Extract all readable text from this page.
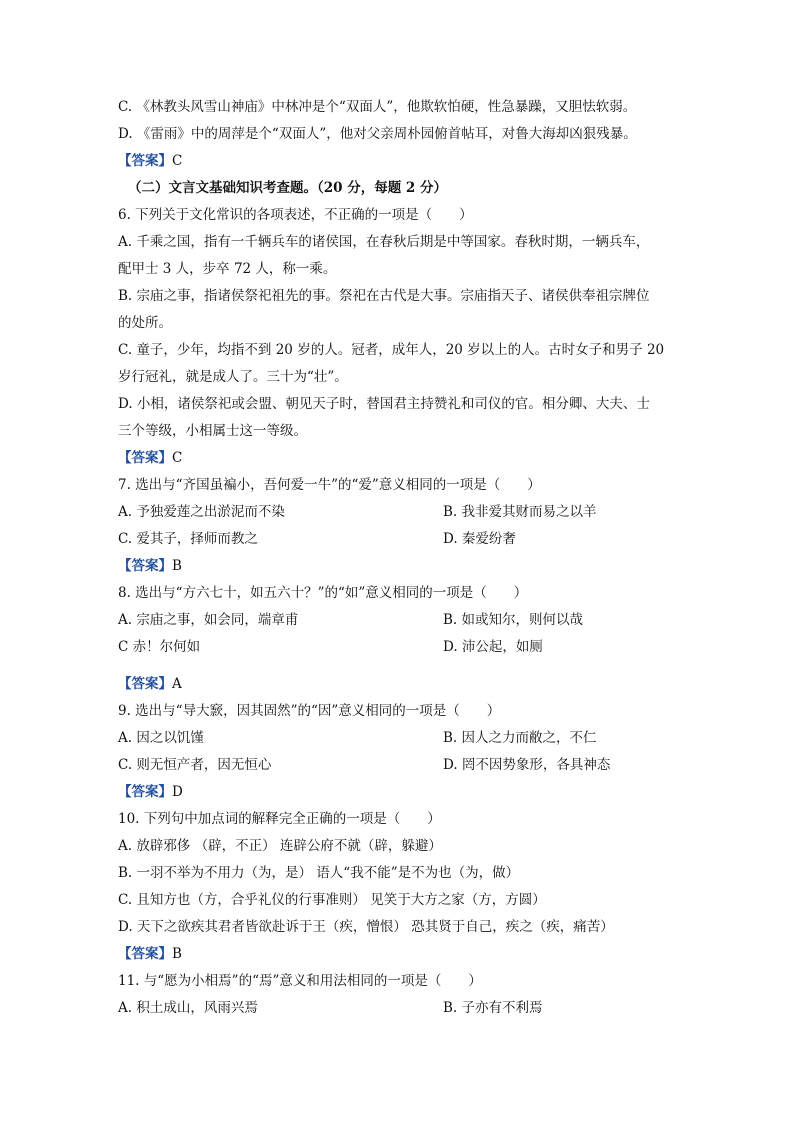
C. 《林教头风雪山神庙》中林冲是个“双面人”，他欺软怕硬，性急暴躁，又胆怯软弱。
D. 《雷雨》中的周萍是个“双面人”，他对父亲周朴园俯首帖耳，对鲁大海却凶狠残暴。
【答案】C
（二）文言文基础知识考查题。（20 分，每题 2 分）
6. 下列关于文化常识的各项表述，不正确的一项是（　　）
A. 千乘之国，指有一千辆兵车的诸侯国，在春秋后期是中等国家。春秋时期，一辆兵车，
配甲士 3 人，步卒 72 人，称一乘。
B. 宗庙之事，指诸侯祭祀祖先的事。祭祀在古代是大事。宗庙指天子、诸侯供奉祖宗牌位
的处所。
C. 童子，少年，均指不到 20 岁的人。冠者，成年人，20 岁以上的人。古时女子和男子 20
岁行冠礼，就是成人了。三十为“壮”。
D. 小相，诸侯祭祀或会盟、朝见天子时，替国君主持赞礼和司仪的官。相分卿、大夫、士
三个等级，小相属士这一等级。
【答案】C
7. 选出与“齐国虽褊小，吾何爱一牛”的“爱”意义相同的一项是（　　）
A. 予独爱莲之出淤泥而不染	B. 我非爱其财而易之以羊
C. 爱其子，择师而教之	D. 秦爱纷奢
【答案】B
8. 选出与“方六七十，如五六十？”的“如”意义相同的一项是（　　）
A. 宗庙之事，如会同，端章甫	B. 如或知尔，则何以哉
C 赤！尔何如	D. 沛公起，如厕
【答案】A
9. 选出与“导大窾，因其固然”的“因”意义相同的一项是（　　）
A. 因之以饥馑	B. 因人之力而敝之，不仁
C. 则无恒产者，因无恒心	D. 罔不因势象形，各具神态
【答案】D
10. 下列句中加点词的解释完全正确的一项是（　　）
A. 放辟邪侈 （辟，不正） 连辟公府不就（辟，躲避）
B. 一羽不举为不用力（为，是） 语人“我不能”是不为也（为，做）
C. 且知方也（方，合乎礼仪的行事准则） 见笑于大方之家（方，方圆）
D. 天下之欲疾其君者皆欲赴诉于王（疾，憎恨） 恐其贤于自己，疾之（疾，痛苦）
【答案】B
11. 与“愿为小相焉”的“焉”意义和用法相同的一项是（　　）
A. 积土成山，风雨兴焉	B. 子亦有不利焉
